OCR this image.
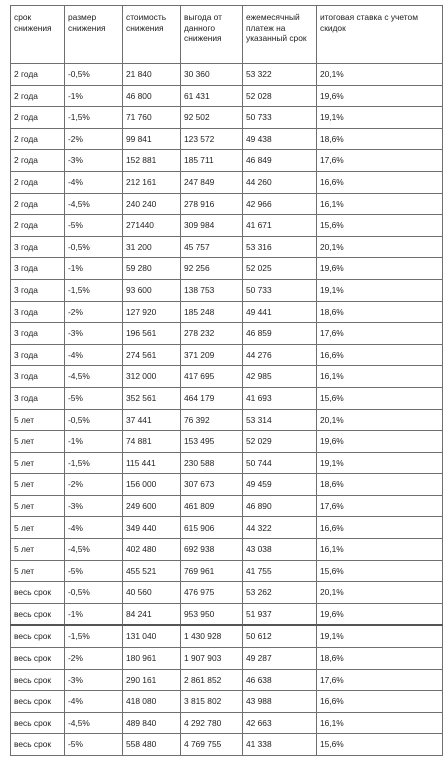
срок снижения	размер снижения	стоимость снижения	выгода от данного снижения	ежемесячный платеж на указанный срок	итоговая ставка с учетом скидок
2 года	-0,5%	21 840	30 360	53 322	20,1%
2 года	-1%	46 800	61 431	52 028	19,6%
2 года	-1,5%	71 760	92 502	50 733	19,1%
2 года	-2%	99 841	123 572	49 438	18,6%
2 года	-3%	152 881	185 711	46 849	17,6%
2 года	-4%	212 161	247 849	44 260	16,6%
2 года	-4,5%	240 240	278 916	42 966	16,1%
2 года	-5%	271440	309 984	41 671	15,6%
3 года	-0,5%	31 200	45 757	53 316	20,1%
3 года	-1%	59 280	92 256	52 025	19,6%
3 года	-1,5%	93 600	138 753	50 733	19,1%
3 года	-2%	127 920	185 248	49 441	18,6%
3 года	-3%	196 561	278 232	46 859	17,6%
3 года	-4%	274 561	371 209	44 276	16,6%
3 года	-4,5%	312 000	417 695	42 985	16,1%
3 года	-5%	352 561	464 179	41 693	15,6%
5 лет	-0,5%	37 441	76 392	53 314	20,1%
5 лет	-1%	74 881	153 495	52 029	19,6%
5 лет	-1,5%	115 441	230 588	50 744	19,1%
5 лет	-2%	156 000	307 673	49 459	18,6%
5 лет	-3%	249 600	461 809	46 890	17,6%
5 лет	-4%	349 440	615 906	44 322	16,6%
5 лет	-4,5%	402 480	692 938	43 038	16,1%
5 лет	-5%	455 521	769 961	41 755	15,6%
весь срок	-0,5%	40 560	476 975	53 262	20,1%
весь срок	-1%	84 241	953 950	51 937	19,6%
весь срок	-1,5%	131 040	1 430 928	50 612	19,1%
весь срок	-2%	180 961	1 907 903	49 287	18,6%
весь срок	-3%	290 161	2 861 852	46 638	17,6%
весь срок	-4%	418 080	3 815 802	43 988	16,6%
весь срок	-4,5%	489 840	4 292 780	42 663	16,1%
весь срок	-5%	558 480	4 769 755	41 338	15,6%
